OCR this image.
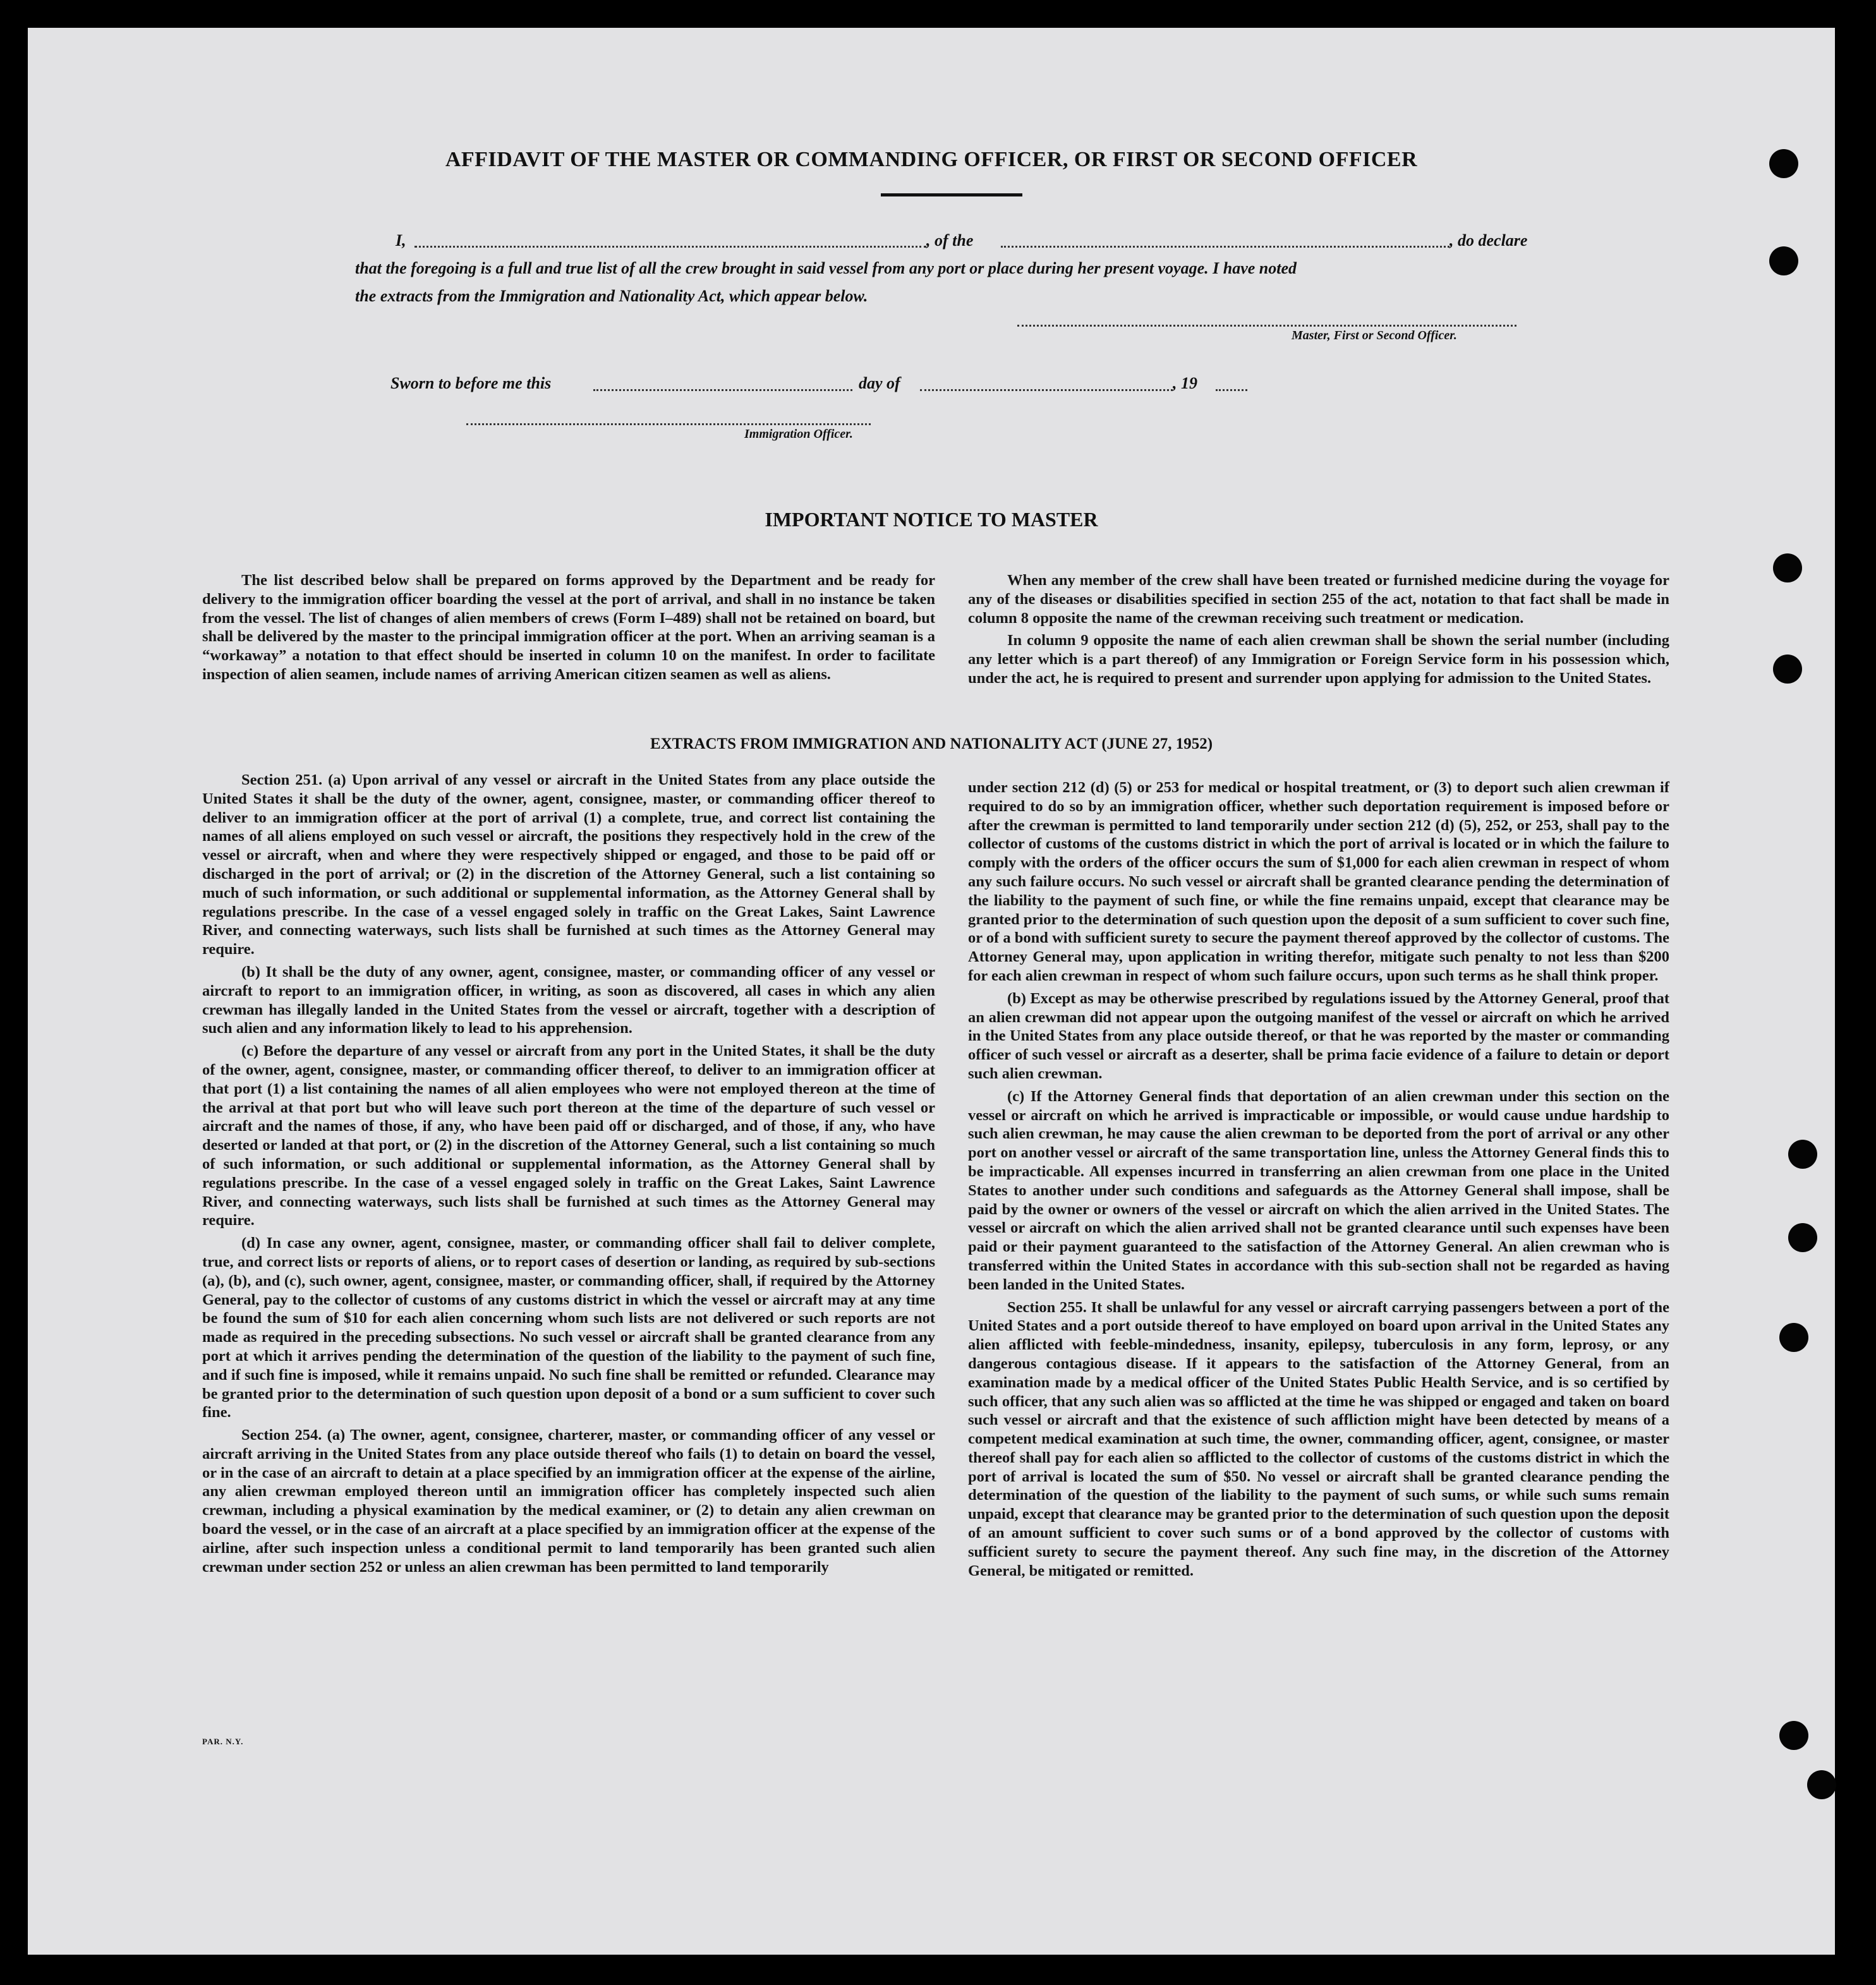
AFFIDAVIT OF THE MASTER OR COMMANDING OFFICER, OR FIRST OR SECOND OFFICER
I,	, of the	, do declare
that the foregoing is a full and true list of all the crew brought in said vessel from any port or place during her present voyage. I have noted
the extracts from the Immigration and Nationality Act, which appear below.
Master, First or Second Officer.
Sworn to before me this	day of	, 19
Immigration Officer.
IMPORTANT NOTICE TO MASTER

The list described below shall be prepared on forms approved by the Department and be ready for delivery to the immigration officer boarding the vessel at the port of arrival, and shall in no instance be taken from the vessel. The list of changes of alien members of crews (Form I–489) shall not be retained on board, but shall be delivered by the master to the principal immigration officer at the port. When an arriving seaman is a “workaway” a notation to that effect should be inserted in column 10 on the manifest. In order to facilitate inspection of alien seamen, include names of arriving American citizen seamen as well as aliens.

When any member of the crew shall have been treated or furnished medicine during the voyage for any of the diseases or disabilities specified in section 255 of the act, notation to that fact shall be made in column 8 opposite the name of the crewman receiving such treatment or medication.

In column 9 opposite the name of each alien crewman shall be shown the serial number (including any letter which is a part thereof) of any Immigration or Foreign Service form in his possession which, under the act, he is required to present and surrender upon applying for admission to the United States.

EXTRACTS FROM IMMIGRATION AND NATIONALITY ACT (JUNE 27, 1952)

Section 251. (a) Upon arrival of any vessel or aircraft in the United States from any place outside the United States it shall be the duty of the owner, agent, consignee, master, or commanding officer thereof to deliver to an immigration officer at the port of arrival (1) a complete, true, and correct list containing the names of all aliens employed on such vessel or aircraft, the positions they respectively hold in the crew of the vessel or aircraft, when and where they were respectively shipped or engaged, and those to be paid off or discharged in the port of arrival; or (2) in the discretion of the Attorney General, such a list containing so much of such information, or such additional or supplemental information, as the Attorney General shall by regulations prescribe. In the case of a vessel engaged solely in traffic on the Great Lakes, Saint Lawrence River, and connecting waterways, such lists shall be furnished at such times as the Attorney General may require.

(b) It shall be the duty of any owner, agent, consignee, master, or commanding officer of any vessel or aircraft to report to an immigration officer, in writing, as soon as discovered, all cases in which any alien crewman has illegally landed in the United States from the vessel or aircraft, together with a description of such alien and any information likely to lead to his apprehension.

(c) Before the departure of any vessel or aircraft from any port in the United States, it shall be the duty of the owner, agent, consignee, master, or commanding officer thereof, to deliver to an immigration officer at that port (1) a list containing the names of all alien employees who were not employed thereon at the time of the arrival at that port but who will leave such port thereon at the time of the departure of such vessel or aircraft and the names of those, if any, who have been paid off or discharged, and of those, if any, who have deserted or landed at that port, or (2) in the discretion of the Attorney General, such a list containing so much of such information, or such additional or supplemental information, as the Attorney General shall by regulations prescribe. In the case of a vessel engaged solely in traffic on the Great Lakes, Saint Lawrence River, and connecting waterways, such lists shall be furnished at such times as the Attorney General may require.

(d) In case any owner, agent, consignee, master, or commanding officer shall fail to deliver complete, true, and correct lists or reports of aliens, or to report cases of desertion or landing, as required by sub-sections (a), (b), and (c), such owner, agent, consignee, master, or commanding officer, shall, if required by the Attorney General, pay to the collector of customs of any customs district in which the vessel or aircraft may at any time be found the sum of $10 for each alien concerning whom such lists are not delivered or such reports are not made as required in the preceding subsections. No such vessel or aircraft shall be granted clearance from any port at which it arrives pending the determination of the question of the liability to the payment of such fine, and if such fine is imposed, while it remains unpaid. No such fine shall be remitted or refunded. Clearance may be granted prior to the determination of such question upon deposit of a bond or a sum sufficient to cover such fine.

Section 254. (a) The owner, agent, consignee, charterer, master, or commanding officer of any vessel or aircraft arriving in the United States from any place outside thereof who fails (1) to detain on board the vessel, or in the case of an aircraft to detain at a place specified by an immigration officer at the expense of the airline, any alien crewman employed thereon until an immigration officer has completely inspected such alien crewman, including a physical examination by the medical examiner, or (2) to detain any alien crewman on board the vessel, or in the case of an aircraft at a place specified by an immigration officer at the expense of the airline, after such inspection unless a conditional permit to land temporarily has been granted such alien crewman under section 252 or unless an alien crewman has been permitted to land temporarily

under section 212 (d) (5) or 253 for medical or hospital treatment, or (3) to deport such alien crewman if required to do so by an immigration officer, whether such deportation requirement is imposed before or after the crewman is permitted to land temporarily under section 212 (d) (5), 252, or 253, shall pay to the collector of customs of the customs district in which the port of arrival is located or in which the failure to comply with the orders of the officer occurs the sum of $1,000 for each alien crewman in respect of whom any such failure occurs. No such vessel or aircraft shall be granted clearance pending the determination of the liability to the payment of such fine, or while the fine remains unpaid, except that clearance may be granted prior to the determination of such question upon the deposit of a sum sufficient to cover such fine, or of a bond with sufficient surety to secure the payment thereof approved by the collector of customs. The Attorney General may, upon application in writing therefor, mitigate such penalty to not less than $200 for each alien crewman in respect of whom such failure occurs, upon such terms as he shall think proper.

(b) Except as may be otherwise prescribed by regulations issued by the Attorney General, proof that an alien crewman did not appear upon the outgoing manifest of the vessel or aircraft on which he arrived in the United States from any place outside thereof, or that he was reported by the master or commanding officer of such vessel or aircraft as a deserter, shall be prima facie evidence of a failure to detain or deport such alien crewman.

(c) If the Attorney General finds that deportation of an alien crewman under this section on the vessel or aircraft on which he arrived is impracticable or impossible, or would cause undue hardship to such alien crewman, he may cause the alien crewman to be deported from the port of arrival or any other port on another vessel or aircraft of the same transportation line, unless the Attorney General finds this to be impracticable. All expenses incurred in transferring an alien crewman from one place in the United States to another under such conditions and safeguards as the Attorney General shall impose, shall be paid by the owner or owners of the vessel or aircraft on which the alien arrived in the United States. The vessel or aircraft on which the alien arrived shall not be granted clearance until such expenses have been paid or their payment guaranteed to the satisfaction of the Attorney General. An alien crewman who is transferred within the United States in accordance with this sub-section shall not be regarded as having been landed in the United States.

Section 255. It shall be unlawful for any vessel or aircraft carrying passengers between a port of the United States and a port outside thereof to have employed on board upon arrival in the United States any alien afflicted with feeble-mindedness, insanity, epilepsy, tuberculosis in any form, leprosy, or any dangerous contagious disease. If it appears to the satisfaction of the Attorney General, from an examination made by a medical officer of the United States Public Health Service, and is so certified by such officer, that any such alien was so afflicted at the time he was shipped or engaged and taken on board such vessel or aircraft and that the existence of such affliction might have been detected by means of a competent medical examination at such time, the owner, commanding officer, agent, consignee, or master thereof shall pay for each alien so afflicted to the collector of customs of the customs district in which the port of arrival is located the sum of $50. No vessel or aircraft shall be granted clearance pending the determination of the question of the liability to the payment of such sums, or while such sums remain unpaid, except that clearance may be granted prior to the determination of such question upon the deposit of an amount sufficient to cover such sums or of a bond approved by the collector of customs with sufficient surety to secure the payment thereof. Any such fine may, in the discretion of the Attorney General, be mitigated or remitted.

PAR. N.Y.
